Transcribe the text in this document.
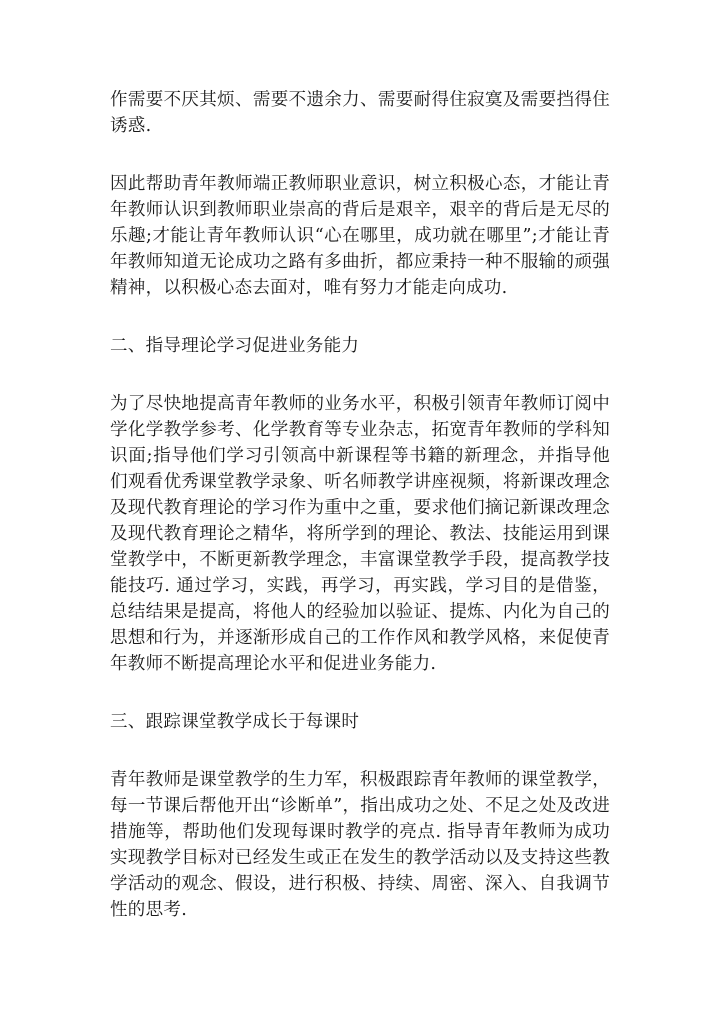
作需要不厌其烦、需要不遗余力、需要耐得住寂寞及需要挡得住诱惑.

因此帮助青年教师端正教师职业意识，树立积极心态，才能让青年教师认识到教师职业崇高的背后是艰辛，艰辛的背后是无尽的乐趣;才能让青年教师认识“心在哪里，成功就在哪里”;才能让青年教师知道无论成功之路有多曲折，都应秉持一种不服输的顽强精神，以积极心态去面对，唯有努力才能走向成功.

二、指导理论学习促进业务能力

为了尽快地提高青年教师的业务水平，积极引领青年教师订阅中学化学教学参考、化学教育等专业杂志，拓宽青年教师的学科知识面;指导他们学习引领高中新课程等书籍的新理念，并指导他们观看优秀课堂教学录象、听名师教学讲座视频，将新课改理念及现代教育理论的学习作为重中之重，要求他们摘记新课改理念及现代教育理论之精华，将所学到的理论、教法、技能运用到课堂教学中，不断更新教学理念，丰富课堂教学手段，提高教学技能技巧. 通过学习，实践，再学习，再实践，学习目的是借鉴，总结结果是提高，将他人的经验加以验证、提炼、内化为自己的思想和行为，并逐渐形成自己的工作作风和教学风格，来促使青年教师不断提高理论水平和促进业务能力.

三、跟踪课堂教学成长于每课时

青年教师是课堂教学的生力军，积极跟踪青年教师的课堂教学，每一节课后帮他开出“诊断单”，指出成功之处、不足之处及改进措施等，帮助他们发现每课时教学的亮点. 指导青年教师为成功实现教学目标对已经发生或正在发生的教学活动以及支持这些教学活动的观念、假设，进行积极、持续、周密、深入、自我调节性的思考.
